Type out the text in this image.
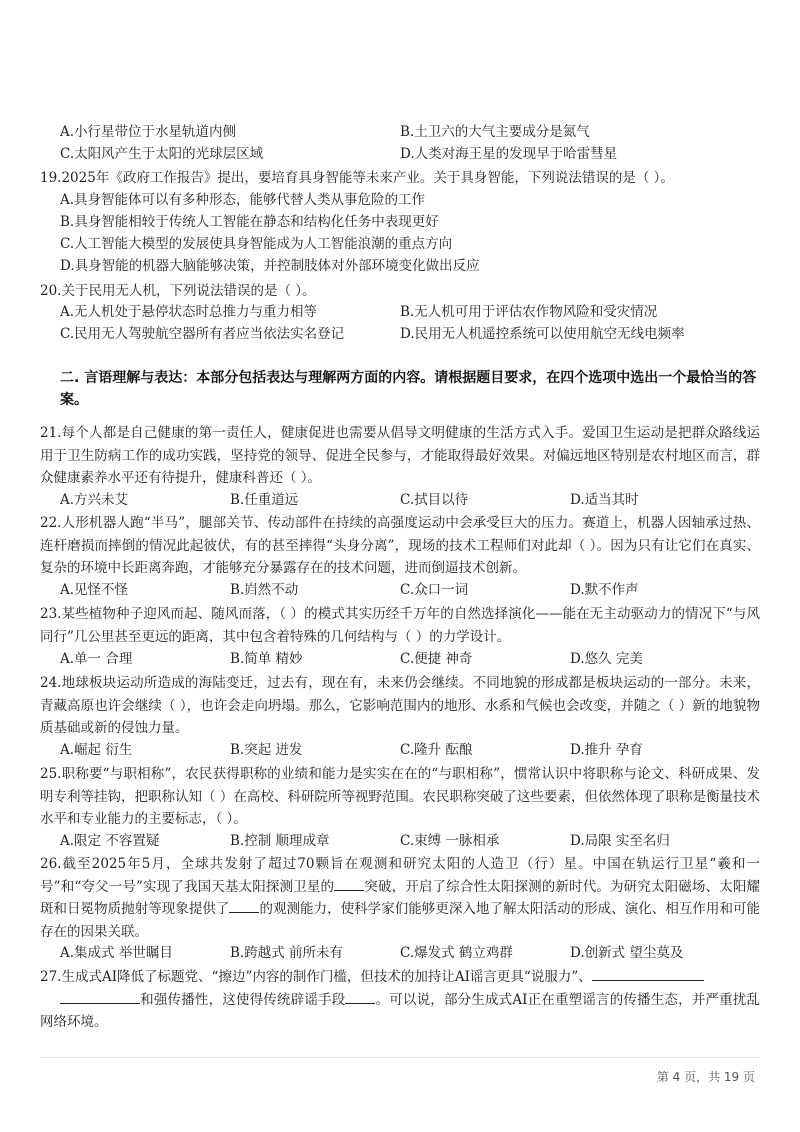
A.小行星带位于水星轨道内侧	B.土卫六的大气主要成分是氮气
C.太阳风产生于太阳的光球层区域	D.人类对海王星的发现早于哈雷彗星
19.2025年《政府工作报告》提出，要培育具身智能等未来产业。关于具身智能，下列说法错误的是（ ）。
A.具身智能体可以有多种形态，能够代替人类从事危险的工作
B.具身智能相较于传统人工智能在静态和结构化任务中表现更好
C.人工智能大模型的发展使具身智能成为人工智能浪潮的重点方向
D.具身智能的机器大脑能够决策，并控制肢体对外部环境变化做出反应
20.关于民用无人机，下列说法错误的是（ ）。
A.无人机处于悬停状态时总推力与重力相等	B.无人机可用于评估农作物风险和受灾情况
C.民用无人驾驶航空器所有者应当依法实名登记	D.民用无人机遥控系统可以使用航空无线电频率
二. 言语理解与表达：本部分包括表达与理解两方面的内容。请根据题目要求，在四个选项中选出一个最恰当的答案。
21.每个人都是自己健康的第一责任人，健康促进也需要从倡导文明健康的生活方式入手。爱国卫生运动是把群众路线运用于卫生防病工作的成功实践，坚持党的领导、促进全民参与，才能取得最好效果。对偏远地区特别是农村地区而言，群众健康素养水平还有待提升，健康科普还（ ）。
A.方兴未艾	B.任重道远	C.拭目以待	D.适当其时
22.人形机器人跑“半马”，腿部关节、传动部件在持续的高强度运动中会承受巨大的压力。赛道上，机器人因轴承过热、连杆磨损而摔倒的情况此起彼伏，有的甚至摔得“头身分离”，现场的技术工程师们对此却（ ）。因为只有让它们在真实、复杂的环境中长距离奔跑，才能够充分暴露存在的技术问题，进而倒逼技术创新。
A.见怪不怪	B.岿然不动	C.众口一词	D.默不作声
23.某些植物种子迎风而起、随风而落，（ ）的模式其实历经千万年的自然选择演化——能在无主动驱动力的情况下“与风同行”几公里甚至更远的距离，其中包含着特殊的几何结构与（ ）的力学设计。
A.单一 合理	B.简单 精妙	C.便捷 神奇	D.悠久 完美
24.地球板块运动所造成的海陆变迁，过去有，现在有，未来仍会继续。不同地貌的形成都是板块运动的一部分。未来，青藏高原也许会继续（ ），也许会走向坍塌。那么，它影响范围内的地形、水系和气候也会改变，并随之（ ）新的地貌物质基础或新的侵蚀力量。
A.崛起 衍生	B.突起 迸发	C.隆升 酝酿	D.推升 孕育
25.职称要“与职相称”，农民获得职称的业绩和能力是实实在在的“与职相称”，惯常认识中将职称与论文、科研成果、发明专利等挂钩，把职称认知（ ）在高校、科研院所等视野范围。农民职称突破了这些要素，但依然体现了职称是衡量技术水平和专业能力的主要标志，（ ）。
A.限定 不容置疑	B.控制 顺理成章	C.束缚 一脉相承	D.局限 实至名归
26.截至2025年5月，全球共发射了超过70颗旨在观测和研究太阳的人造卫（行）星。中国在轨运行卫星“羲和一号”和“夸父一号”实现了我国天基太阳探测卫星的 突破，开启了综合性太阳探测的新时代。为研究太阳磁场、太阳耀斑和日冕物质抛射等现象提供了 的观测能力，使科学家们能够更深入地了解太阳活动的形成、演化、相互作用和可能存在的因果关联。
A.集成式 举世瞩目	B.跨越式 前所未有	C.爆发式 鹤立鸡群	D.创新式 望尘莫及
27.生成式AI降低了标题党、“擦边”内容的制作门槛，但技术的加持让AI谣言更具“说服力”、
和强传播性，这使得传统辟谣手段 。可以说，部分生成式AI正在重塑谣言的传播生态，并严重扰乱网络环境。
第 4 页，共 19 页
